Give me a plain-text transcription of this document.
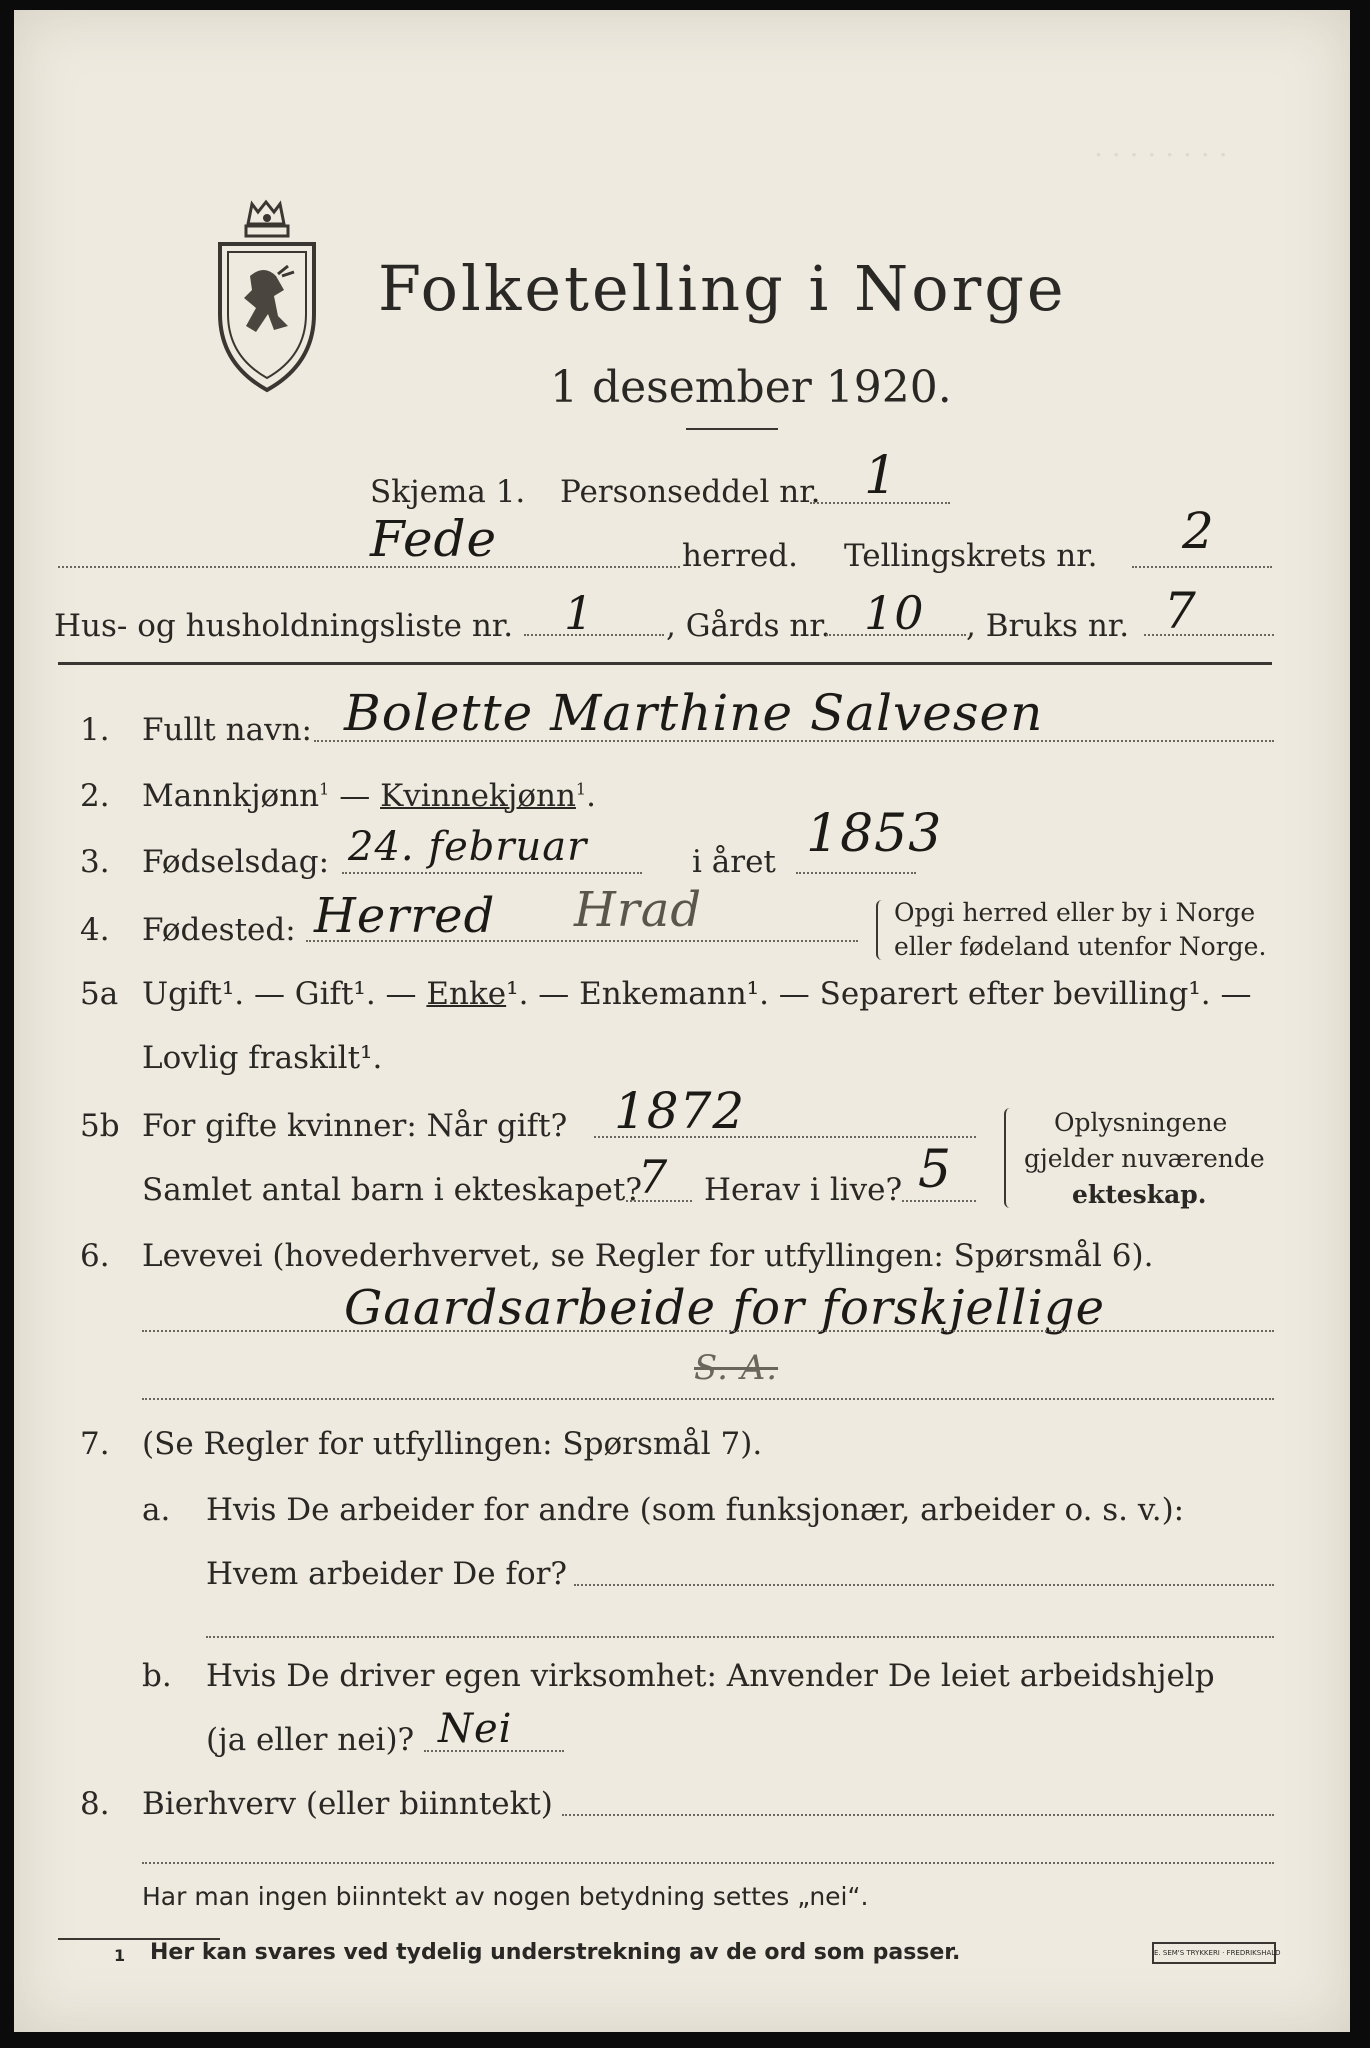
. . . . . . . .
Folketelling i Norge
1 desember 1920.
Skjema 1. Personseddel nr. 1
Fede	herred. Tellingskrets nr. 2
Hus- og husholdningsliste nr. 1 , Gårds nr. 10 , Bruks nr. 7
1. Fullt navn: Bolette Marthine Salvesen
2. Mannkjønn$^1$ — Kvinnekjønn$^1$.
3. Fødselsdag: 24. februar	i året 1853
4. Fødested: Herred Hrad	Opgi herred eller by i Norge
eller fødeland utenfor Norge.
5a Ugift¹. — Gift¹. — Enke¹. — Enkemann¹. — Separert efter bevilling¹. —
Lovlig fraskilt¹.
5b For gifte kvinner: Når gift? 1872
Samlet antal barn i ekteskapet?
7 Herav i live? 5
Oplysningene
gjelder nuværende
ekteskap.
6. Levevei (hovederhvervet, se Regler for utfyllingen: Spørsmål 6).
Gaardsarbeide for forskjellige
S. A.
7. (Se Regler for utfyllingen: Spørsmål 7).
a. Hvis De arbeider for andre (som funksjonær, arbeider o. s. v.):
Hvem arbeider De for?
b. Hvis De driver egen virksomhet: Anvender De leiet arbeidshjelp
(ja eller nei)? Nei
8. Bierhverv (eller biinntekt)
Har man ingen biinntekt av nogen betydning settes „nei“.
1 Her kan svares ved tydelig understrekning av de ord som passer.	E. SEM'S TRYKKERI · FREDRIKSHALD
